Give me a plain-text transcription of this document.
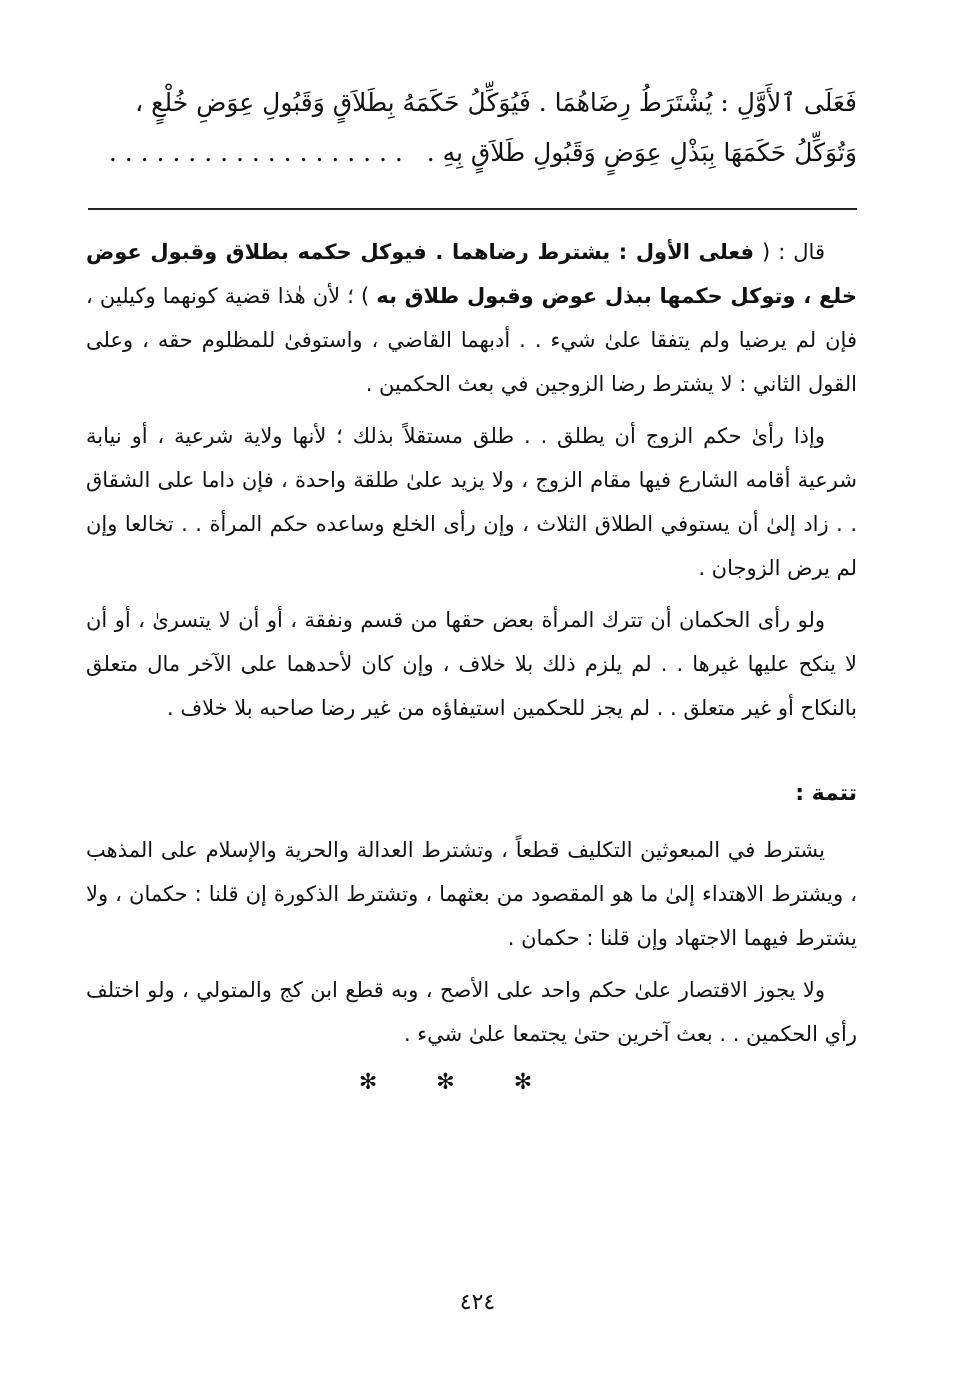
فَعَلَى ٱلأَوَّلِ : يُشْتَرَطُ رِضَاهُمَا . فَيُوَكِّلُ حَكَمَهُ بِطَلاَقٍ وَقَبُولِ عِوَضِ خُلْعٍ ،
وَتُوَكِّلُ حَكَمَهَا بِبَذْلِ عِوَضٍ وَقَبُولِ طَلاَقٍ بِهِ .   . . . . . . . . . . . . . . . . . . .

قال : ( فعلى الأول : يشترط رضاهما . فيوكل حكمه بطلاق وقبول عوض خلع ، وتوكل حكمها ببذل عوض وقبول طلاق به ) ؛ لأن هٰذا قضية كونهما وكيلين ، فإن لم يرضيا ولم يتفقا علىٰ شيء . . أدبهما القاضي ، واستوفىٰ للمظلوم حقه ، وعلى القول الثاني : لا يشترط رضا الزوجين في بعث الحكمين .

وإذا رأىٰ حكم الزوج أن يطلق . . طلق مستقلاً بذلك ؛ لأنها ولاية شرعية ، أو نيابة شرعية أقامه الشارع فيها مقام الزوج ، ولا يزيد علىٰ طلقة واحدة ، فإن داما على الشقاق . . زاد إلىٰ أن يستوفي الطلاق الثلاث ، وإن رأى الخلع وساعده حكم المرأة . . تخالعا وإن لم يرض الزوجان .

ولو رأى الحكمان أن تترك المرأة بعض حقها من قسم ونفقة ، أو أن لا يتسرىٰ ، أو أن لا ينكح عليها غيرها . . لم يلزم ذلك بلا خلاف ، وإن كان لأحدهما على الآخر مال متعلق بالنكاح أو غير متعلق . . لم يجز للحكمين استيفاؤه من غير رضا صاحبه بلا خلاف .

تتمة :

يشترط في المبعوثين التكليف قطعاً ، وتشترط العدالة والحرية والإسلام على المذهب ، ويشترط الاهتداء إلىٰ ما هو المقصود من بعثهما ، وتشترط الذكورة إن قلنا : حكمان ، ولا يشترط فيهما الاجتهاد وإن قلنا : حكمان .

ولا يجوز الاقتصار علىٰ حكم واحد على الأصح ، وبه قطع ابن كج والمتولي ، ولو اختلف رأي الحكمين . . بعث آخرين حتىٰ يجتمعا علىٰ شيء .

✻ ✻ ✻
٤٢٤
